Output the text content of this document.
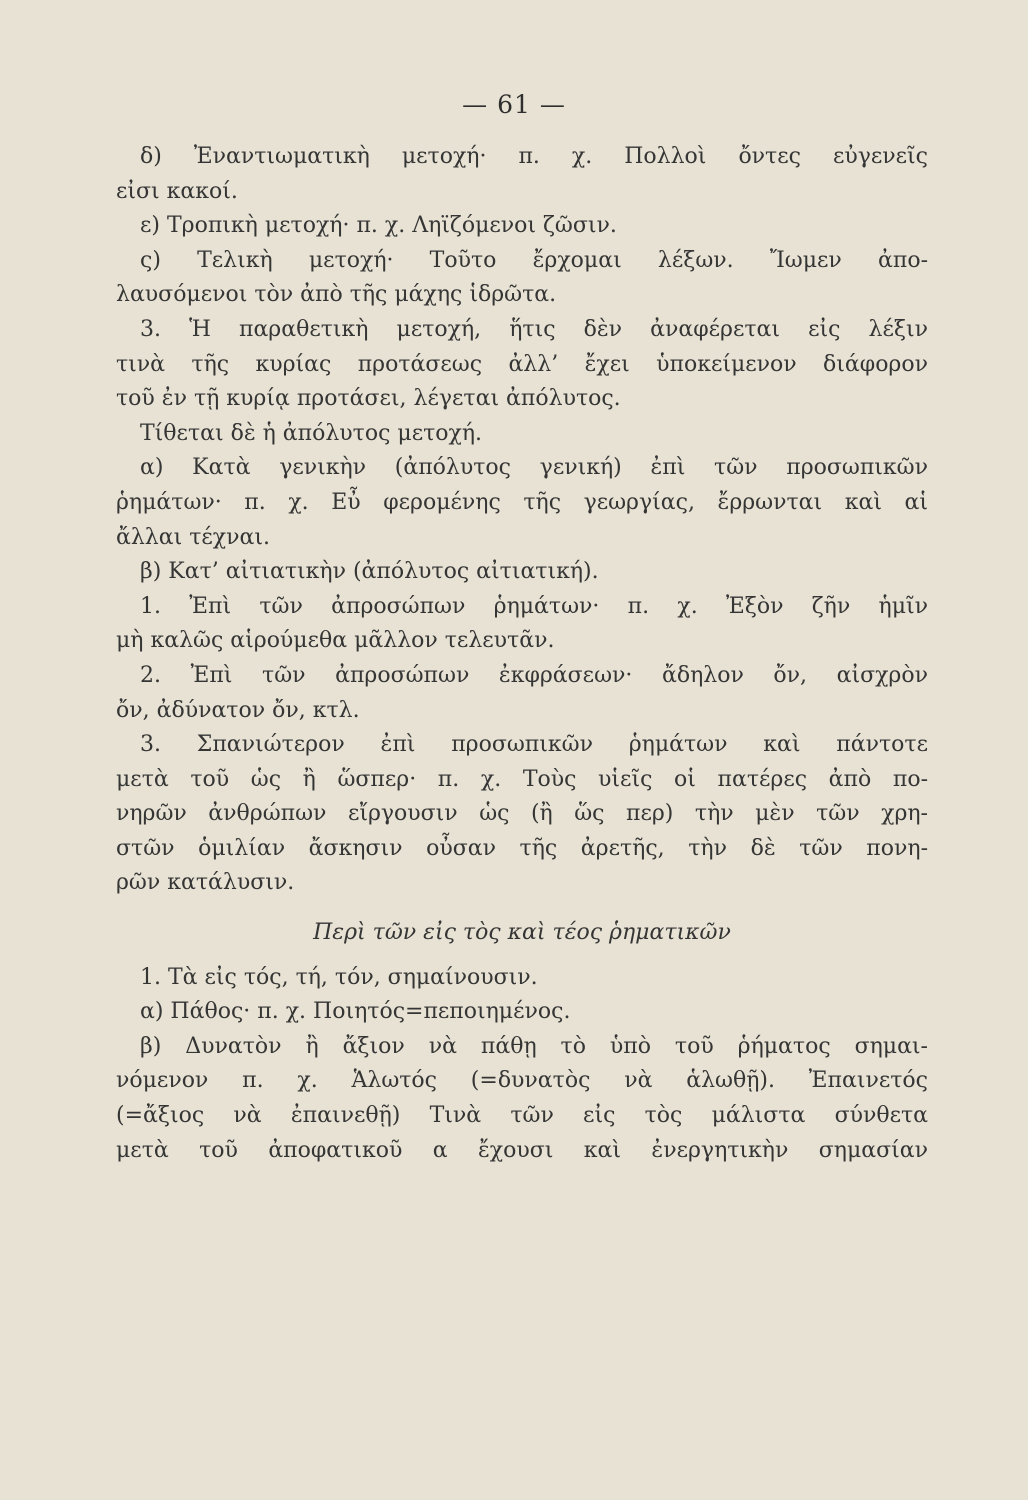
— 61 —
δ) Ἐναντιωματικὴ μετοχή· π. χ. Πολλοὶ ὄντες εὐγενεῖς
εἰσι κακοί.
ε) Τροπικὴ μετοχή· π. χ. Ληϊζόμενοι ζῶσιν.
ς) Τελικὴ μετοχή· Τοῦτο ἔρχομαι λέξων. Ἴωμεν ἀπο-
λαυσόμενοι τὸν ἀπὸ τῆς μάχης ἱδρῶτα.
3. Ἡ παραθετικὴ μετοχή, ἥτις δὲν ἀναφέρεται εἰς λέξιν
τινὰ τῆς κυρίας προτάσεως ἀλλ’ ἔχει ὑποκείμενον διάφορον
τοῦ ἐν τῇ κυρίᾳ προτάσει, λέγεται ἀπόλυτος.
Τίθεται δὲ ἡ ἀπόλυτος μετοχή.
α) Κατὰ γενικὴν (ἀπόλυτος γενική) ἐπὶ τῶν προσωπικῶν
ῥημάτων· π. χ. Εὖ φερομένης τῆς γεωργίας, ἔρρωνται καὶ αἱ
ἄλλαι τέχναι.
β) Κατ’ αἰτιατικὴν (ἀπόλυτος αἰτιατική).
1. Ἐπὶ τῶν ἀπροσώπων ῥημάτων· π. χ. Ἐξὸν ζῆν ἡμῖν
μὴ καλῶς αἱρούμεθα μᾶλλον τελευτᾶν.
2. Ἐπὶ τῶν ἀπροσώπων ἐκφράσεων· ἄδηλον ὄν, αἰσχρὸν
ὄν, ἀδύνατον ὄν, κτλ.
3. Σπανιώτερον ἐπὶ προσωπικῶν ῥημάτων καὶ πάντοτε
μετὰ τοῦ ὡς ἢ ὥσπερ· π. χ. Τοὺς υἱεῖς οἱ πατέρες ἀπὸ πο-
νηρῶν ἀνθρώπων εἴργουσιν ὡς (ἢ ὥς περ) τὴν μὲν τῶν χρη-
στῶν ὁμιλίαν ἄσκησιν οὖσαν τῆς ἀρετῆς, τὴν δὲ τῶν πονη-
ρῶν κατάλυσιν.
Περὶ τῶν εἰς τὸς καὶ τέος ῥηματικῶν
1. Τὰ εἰς τός, τή, τόν, σημαίνουσιν.
α) Πάθος· π. χ. Ποιητός=πεποιημένος.
β) Δυνατὸν ἢ ἄξιον νὰ πάθῃ τὸ ὑπὸ τοῦ ῥήματος σημαι-
νόμενον π. χ. Ἁλωτός (=δυνατὸς νὰ ἁλωθῇ). Ἐπαινετός
(=ἄξιος νὰ ἐπαινεθῇ) Τινὰ τῶν εἰς τὸς μάλιστα σύνθετα
μετὰ τοῦ ἀποφατικοῦ α ἔχουσι καὶ ἐνεργητικὴν σημασίαν
